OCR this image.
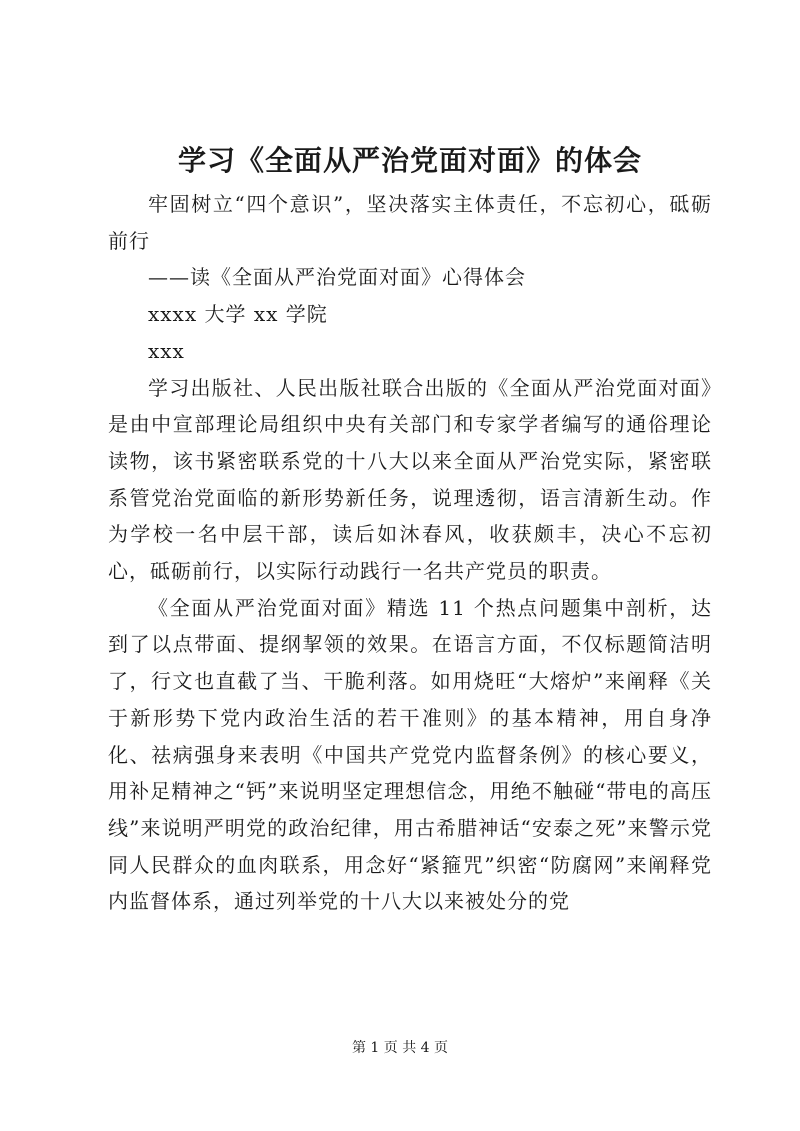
学习《全面从严治党面对面》的体会

牢固树立“四个意识”，坚决落实主体责任，不忘初心，砥砺前行

——读《全面从严治党面对面》心得体会

xxxx 大学 xx 学院

xxx

学习出版社、人民出版社联合出版的《全面从严治党面对面》是由中宣部理论局组织中央有关部门和专家学者编写的通俗理论读物，该书紧密联系党的十八大以来全面从严治党实际，紧密联系管党治党面临的新形势新任务，说理透彻，语言清新生动。作为学校一名中层干部，读后如沐春风，收获颇丰，决心不忘初心，砥砺前行，以实际行动践行一名共产党员的职责。

《全面从严治党面对面》精选 11 个热点问题集中剖析，达到了以点带面、提纲挈领的效果。在语言方面，不仅标题简洁明了，行文也直截了当、干脆利落。如用烧旺“大熔炉”来阐释《关于新形势下党内政治生活的若干准则》的基本精神，用自身净化、祛病强身来表明《中国共产党党内监督条例》的核心要义，用补足精神之“钙”来说明坚定理想信念，用绝不触碰“带电的高压线”来说明严明党的政治纪律，用古希腊神话“安泰之死”来警示党同人民群众的血肉联系，用念好“紧箍咒”织密“防腐网”来阐释党内监督体系，通过列举党的十八大以来被处分的党

第 1 页 共 4 页
